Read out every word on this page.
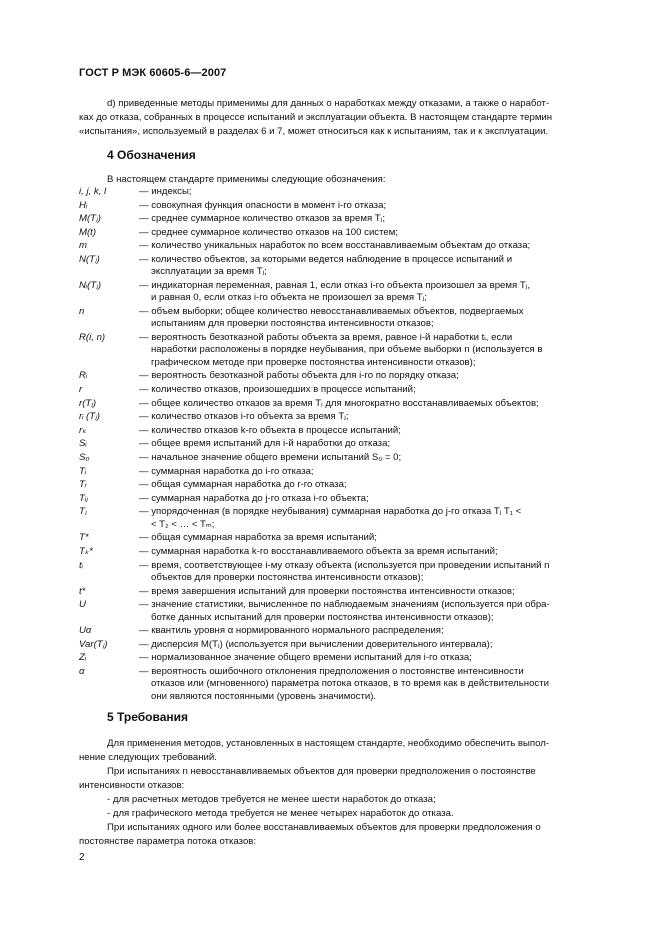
ГОСТ Р МЭК 60605-6—2007
d) приведенные методы применимы для данных о наработках между отказами, а также о наработ-
ках до отказа, собранных в процессе испытаний и эксплуатации объекта. В настоящем стандарте термин
«испытания», используемый в разделах 6 и 7, может относиться как к испытаниям, так и к эксплуатации.
4 Обозначения
В настоящем стандарте применимы следующие обозначения:
i, j, k, l	— индексы;
Hᵢ	— совокупная функция опасности в момент i-го отказа;
M(Tⱼ)	— среднее суммарное количество отказов за время Tⱼ;
M(t)	— среднее суммарное количество отказов на 100 систем;
m	— количество уникальных наработок по всем восстанавливаемым объектам до отказа;
N(Tⱼ)	— количество объектов, за которыми ведется наблюдение в процессе испытаний и
эксплуатации за время Tⱼ;
Nᵢ(Tⱼ)	— индикаторная переменная, равная 1, если отказ i-го объекта произошел за время Tⱼ,
и равная 0, если отказ i-го объекта не произошел за время Tⱼ;
n	— объем выборки; общее количество невосстанавливаемых объектов, подвергаемых
испытаниям для проверки постоянства интенсивности отказов;
R(i, n)	— вероятность безотказной работы объекта за время, равное i-й наработки tᵢ, если
наработки расположены в порядке неубывания, при объеме выборки n (используется в
графическом методе при проверке постоянства интенсивности отказов);
Rᵢ	— вероятность безотказной работы объекта для i-го по порядку отказа;
r	— количество отказов, произошедших в процессе испытаний;
r(Tⱼ)	— общее количество отказов за время Tᵢ для многократно восстанавливаемых объектов;
rᵢ (Tⱼ)	— количество отказов i-го объекта за время Tⱼ;
rₖ	— количество отказов k-го объекта в процессе испытаний;
Sᵢ	— общее время испытаний для i-й наработки до отказа;
S₀	— начальное значение общего времени испытаний S₀ = 0;
Tᵢ	— суммарная наработка до i-го отказа;
Tᵣ	— общая суммарная наработка до r-го отказа;
Tᵢⱼ	— суммарная наработка до j-го отказа i-го объекта;
Tⱼ	— упорядоченная (в порядке неубывания) суммарная наработка до j-го отказа Tⱼ T₁ <
< T₂ < … < Tₘ;
T*	— общая суммарная наработка за время испытаний;
Tₖ*	— суммарная наработка k-го восстанавливаемого объекта за время испытаний;
tᵢ	— время, соответствующее i-му отказу объекта (используется при проведении испытаний n
объектов для проверки постоянства интенсивности отказов);
t*	— время завершения испытаний для проверки постоянства интенсивности отказов;
U	— значение статистики, вычисленное по наблюдаемым значениям (используется при обра-
ботке данных испытаний для проверки постоянства интенсивности отказов);
Uα	— квантиль уровня α нормированного нормального распределения;
Var(Tⱼ)	— дисперсия M(Tⱼ) (используется при вычислении доверительного интервала);
Zᵢ	— нормализованное значение общего времени испытаний для i-го отказа;
α	— вероятность ошибочного отклонения предположения о постоянстве интенсивности
отказов или (мгновенного) параметра потока отказов, в то время как в действительности
они являются постоянными (уровень значимости).
5 Требования
Для применения методов, установленных в настоящем стандарте, необходимо обеспечить выпол-
нение следующих требований.
При испытаниях n невосстанавливаемых объектов для проверки предположения о постоянстве
интенсивности отказов:
- для расчетных методов требуется не менее шести наработок до отказа;
- для графического метода требуется не менее четырех наработок до отказа.
При испытаниях одного или более восстанавливаемых объектов для проверки предположения о
постоянстве параметра потока отказов:
2
